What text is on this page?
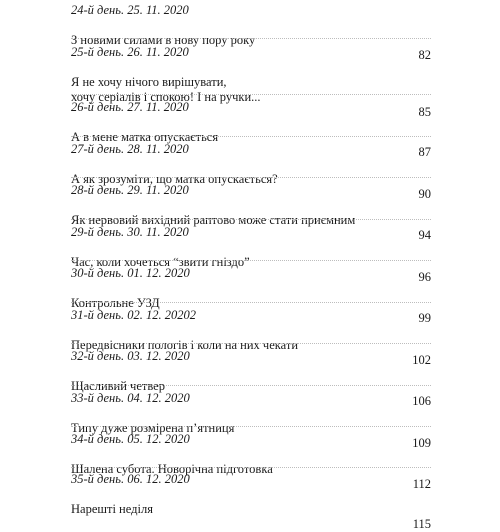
24-й день. 25. 11. 2020

З новими силами в нову пору року

82

25-й день. 26. 11. 2020

Я не хочу нічого вирішувати,
хочу серіалів і спокою! І на ручки...

85

26-й день. 27. 11. 2020

А в мене матка опускається

87

27-й день. 28. 11. 2020

А як зрозуміти, що матка опускається?

90

28-й день. 29. 11. 2020

Як нервовий вихідний раптово може стати приємним

94

29-й день. 30. 11. 2020

Час, коли хочеться “звити гніздо”

96

30-й день. 01. 12. 2020

Контрольне УЗД

99

31-й день. 02. 12. 20202

Передвісники пологів і коли на них чекати

102

32-й день. 03. 12. 2020

Щасливий четвер

106

33-й день. 04. 12. 2020

Типу дуже розмірена п’ятниця

109

34-й день. 05. 12. 2020

Шалена субота. Новорічна підготовка

112

35-й день. 06. 12. 2020

Нарешті неділя

115
